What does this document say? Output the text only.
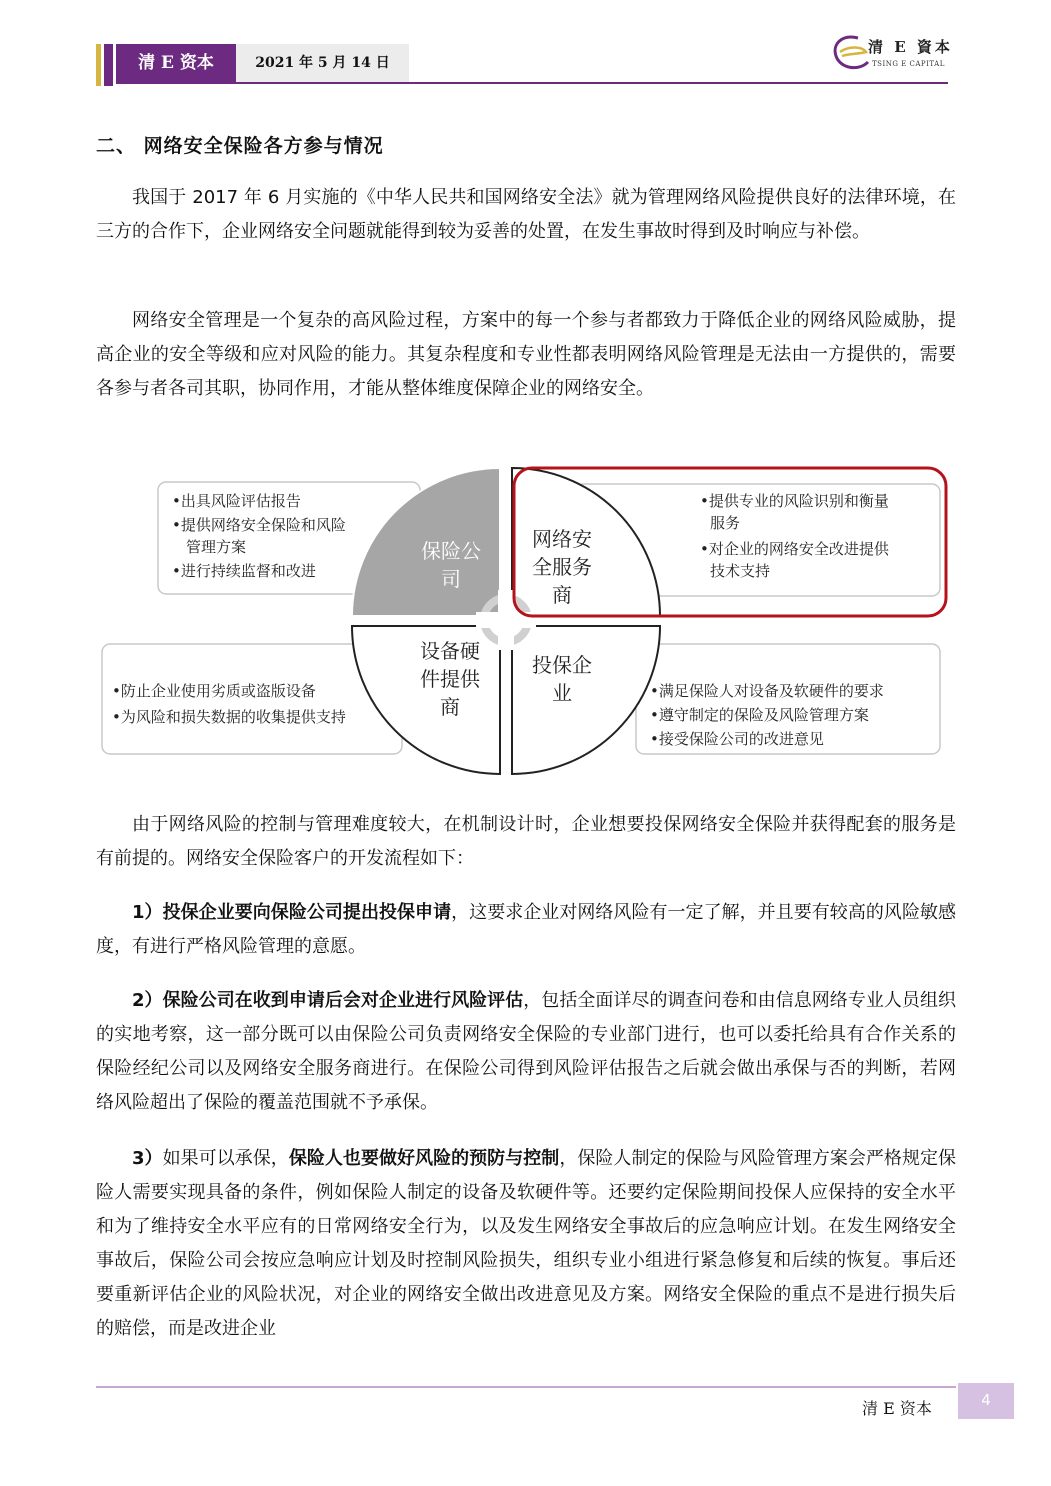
清 E 资本	2021 年 5 月 14 日
清 E 資本
TSING E CAPITAL
二、 网络安全保险各方参与情况

我国于 2017 年 6 月实施的《中华人民共和国网络安全法》就为管理网络风险提供良好的法律环境，在三方的合作下，企业网络安全问题就能得到较为妥善的处置，在发生事故时得到及时响应与补偿。

网络安全管理是一个复杂的高风险过程，方案中的每一个参与者都致力于降低企业的网络风险威胁，提高企业的安全等级和应对风险的能力。其复杂程度和专业性都表明网络风险管理是无法由一方提供的，需要各参与者各司其职，协同作用，才能从整体维度保障企业的网络安全。

保险公
司
网络安
全服务
商
设备硬
件提供
商
投保企
业
•出具风险评估报告
•提供网络安全保险和风险
管理方案
•进行持续监督和改进
•提供专业的风险识别和衡量
服务
•对企业的网络安全改进提供
技术支持
•防止企业使用劣质或盗版设备
•为风险和损失数据的收集提供支持
•满足保险人对设备及软硬件的要求
•遵守制定的保险及风险管理方案
•接受保险公司的改进意见

由于网络风险的控制与管理难度较大，在机制设计时，企业想要投保网络安全保险并获得配套的服务是有前提的。网络安全保险客户的开发流程如下：

1）投保企业要向保险公司提出投保申请，这要求企业对网络风险有一定了解，并且要有较高的风险敏感度，有进行严格风险管理的意愿。

2）保险公司在收到申请后会对企业进行风险评估，包括全面详尽的调查问卷和由信息网络专业人员组织的实地考察，这一部分既可以由保险公司负责网络安全保险的专业部门进行，也可以委托给具有合作关系的保险经纪公司以及网络安全服务商进行。在保险公司得到风险评估报告之后就会做出承保与否的判断，若网络风险超出了保险的覆盖范围就不予承保。

3）如果可以承保，保险人也要做好风险的预防与控制，保险人制定的保险与风险管理方案会严格规定保险人需要实现具备的条件，例如保险人制定的设备及软硬件等。还要约定保险期间投保人应保持的安全水平和为了维持安全水平应有的日常网络安全行为，以及发生网络安全事故后的应急响应计划。在发生网络安全事故后，保险公司会按应急响应计划及时控制风险损失，组织专业小组进行紧急修复和后续的恢复。事后还要重新评估企业的风险状况，对企业的网络安全做出改进意见及方案。网络安全保险的重点不是进行损失后的赔偿，而是改进企业

清 E 资本	4
